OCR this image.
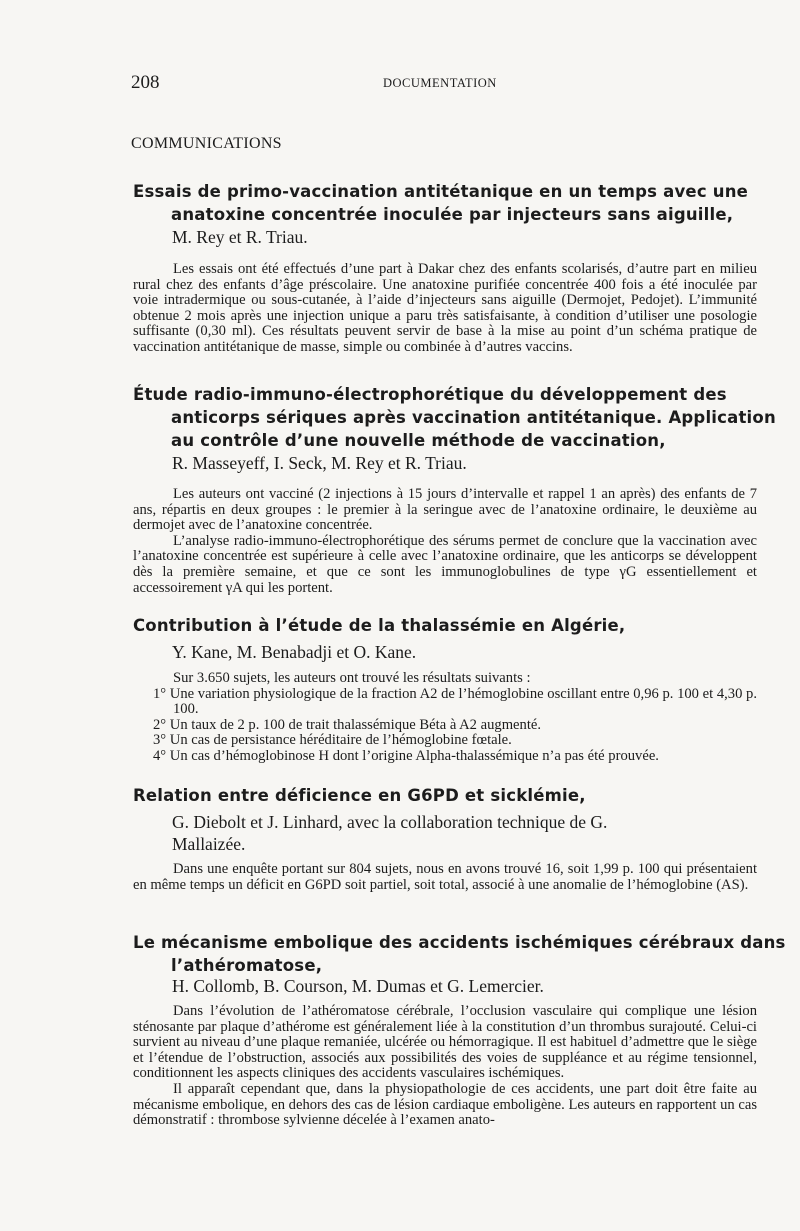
208	DOCUMENTATION
COMMUNICATIONS
Essais de primo-vaccination antitétanique en un temps avec une anatoxine concentrée inoculée par injecteurs sans aiguille,
M. Rey et R. Triau.

Les essais ont été effectués d’une part à Dakar chez des enfants scolarisés, d’autre part en milieu rural chez des enfants d’âge préscolaire. Une anatoxine purifiée concentrée 400 fois a été inoculée par voie intradermique ou sous-cutanée, à l’aide d’injecteurs sans aiguille (Dermojet, Pedojet). L’immunité obtenue 2 mois après une injection unique a paru très satisfaisante, à condition d’utiliser une posologie suffisante (0,30 ml). Ces résultats peuvent servir de base à la mise au point d’un schéma pratique de vaccination antitétanique de masse, simple ou combinée à d’autres vaccins.

Étude radio-immuno-électrophorétique du développement des anticorps sériques après vaccination antitétanique. Application au contrôle d’une nouvelle méthode de vaccination,
R. Masseyeff, I. Seck, M. Rey et R. Triau.

Les auteurs ont vacciné (2 injections à 15 jours d’intervalle et rappel 1 an après) des enfants de 7 ans, répartis en deux groupes : le premier à la seringue avec de l’anatoxine ordinaire, le deuxième au dermojet avec de l’anatoxine concentrée.

L’analyse radio-immuno-électrophorétique des sérums permet de conclure que la vaccination avec l’anatoxine concentrée est supérieure à celle avec l’anatoxine ordinaire, que les anticorps se développent dès la première semaine, et que ce sont les immunoglobulines de type γG essentiellement et accessoirement γA qui les portent.

Contribution à l’étude de la thalassémie en Algérie,
Y. Kane, M. Benabadji et O. Kane.

Sur 3.650 sujets, les auteurs ont trouvé les résultats suivants :

1° Une variation physiologique de la fraction A2 de l’hémoglobine oscillant entre 0,96 p. 100 et 4,30 p. 100.
2° Un taux de 2 p. 100 de trait thalassémique Béta à A2 augmenté.
3° Un cas de persistance héréditaire de l’hémoglobine fœtale.
4° Un cas d’hémoglobinose H dont l’origine Alpha-thalassémique n’a pas été prouvée.
Relation entre déficience en G6PD et sicklémie,
G. Diebolt et J. Linhard, avec la collaboration technique de G. Mallaizée.

Dans une enquête portant sur 804 sujets, nous en avons trouvé 16, soit 1,99 p. 100 qui présentaient en même temps un déficit en G6PD soit partiel, soit total, associé à une anomalie de l’hémoglobine (AS).

Le mécanisme embolique des accidents ischémiques cérébraux dans l’athéromatose,
H. Collomb, B. Courson, M. Dumas et G. Lemercier.

Dans l’évolution de l’athéromatose cérébrale, l’occlusion vasculaire qui complique une lésion sténosante par plaque d’athérome est généralement liée à la constitution d’un thrombus surajouté. Celui-ci survient au niveau d’une plaque remaniée, ulcérée ou hémorragique. Il est habituel d’admettre que le siège et l’étendue de l’obstruction, associés aux possibilités des voies de suppléance et au régime tensionnel, conditionnent les aspects cliniques des accidents vasculaires ischémiques.

Il apparaît cependant que, dans la physiopathologie de ces accidents, une part doit être faite au mécanisme embolique, en dehors des cas de lésion cardiaque emboligène. Les auteurs en rapportent un cas démonstratif : thrombose sylvienne décelée à l’examen anato-
